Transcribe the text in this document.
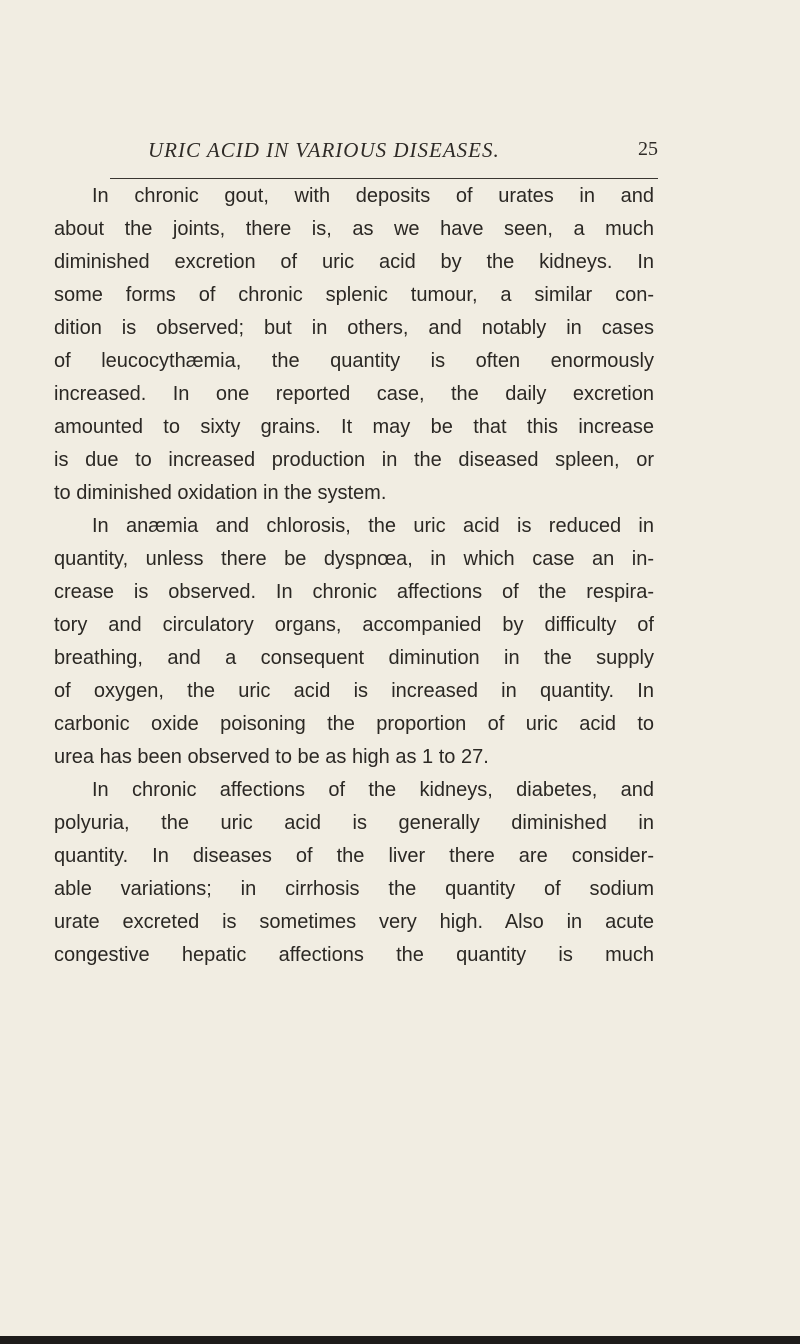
URIC ACID IN VARIOUS DISEASES.	25
In chronic gout, with deposits of urates in and
about the joints, there is, as we have seen, a much
diminished excretion of uric acid by the kidneys. In
some forms of chronic splenic tumour, a similar con-
dition is observed; but in others, and notably in cases
of leucocythæmia, the quantity is often enormously
increased. In one reported case, the daily excretion
amounted to sixty grains. It may be that this increase
is due to increased production in the diseased spleen, or
to diminished oxidation in the system.
In anæmia and chlorosis, the uric acid is reduced in
quantity, unless there be dyspnœa, in which case an in-
crease is observed. In chronic affections of the respira-
tory and circulatory organs, accompanied by difficulty of
breathing, and a consequent diminution in the supply
of oxygen, the uric acid is increased in quantity. In
carbonic oxide poisoning the proportion of uric acid to
urea has been observed to be as high as 1 to 27.
In chronic affections of the kidneys, diabetes, and
polyuria, the uric acid is generally diminished in
quantity. In diseases of the liver there are consider-
able variations; in cirrhosis the quantity of sodium
urate excreted is sometimes very high. Also in acute
congestive hepatic affections the quantity is much
